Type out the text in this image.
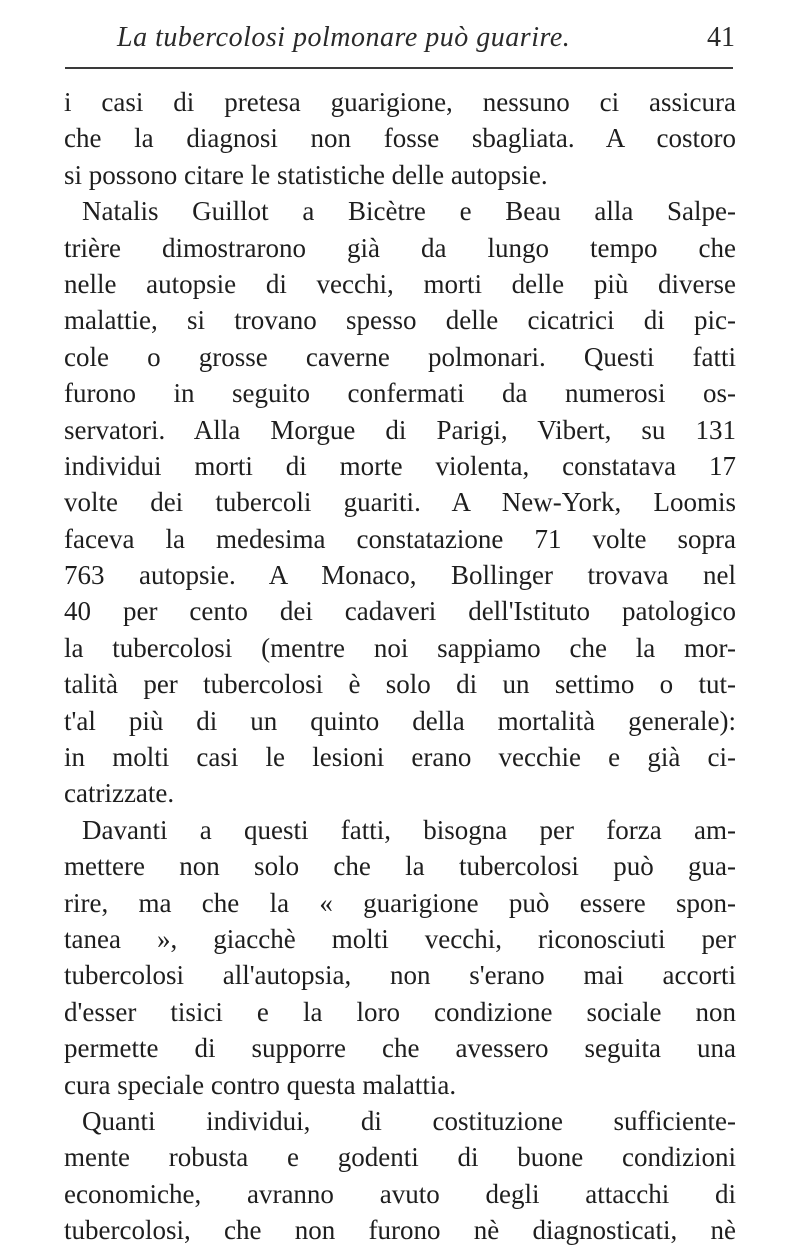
La tubercolosi polmonare può guarire.	41
i casi di pretesa guarigione, nessuno ci assicura
che la diagnosi non fosse sbagliata. A costoro
si possono citare le statistiche delle autopsie.
Natalis Guillot a Bicètre e Beau alla Salpe-
trière dimostrarono già da lungo tempo che
nelle autopsie di vecchi, morti delle più diverse
malattie, si trovano spesso delle cicatrici di pic-
cole o grosse caverne polmonari. Questi fatti
furono in seguito confermati da numerosi os-
servatori. Alla Morgue di Parigi, Vibert, su 131
individui morti di morte violenta, constatava 17
volte dei tubercoli guariti. A New-York, Loomis
faceva la medesima constatazione 71 volte sopra
763 autopsie. A Monaco, Bollinger trovava nel
40 per cento dei cadaveri dell'Istituto patologico
la tubercolosi (mentre noi sappiamo che la mor-
talità per tubercolosi è solo di un settimo o tut-
t'al più di un quinto della mortalità generale):
in molti casi le lesioni erano vecchie e già ci-
catrizzate.
Davanti a questi fatti, bisogna per forza am-
mettere non solo che la tubercolosi può gua-
rire, ma che la « guarigione può essere spon-
tanea », giacchè molti vecchi, riconosciuti per
tubercolosi all'autopsia, non s'erano mai accorti
d'esser tisici e la loro condizione sociale non
permette di supporre che avessero seguita una
cura speciale contro questa malattia.
Quanti individui, di costituzione sufficiente-
mente robusta e godenti di buone condizioni
economiche, avranno avuto degli attacchi di
tubercolosi, che non furono nè diagnosticati, nè
